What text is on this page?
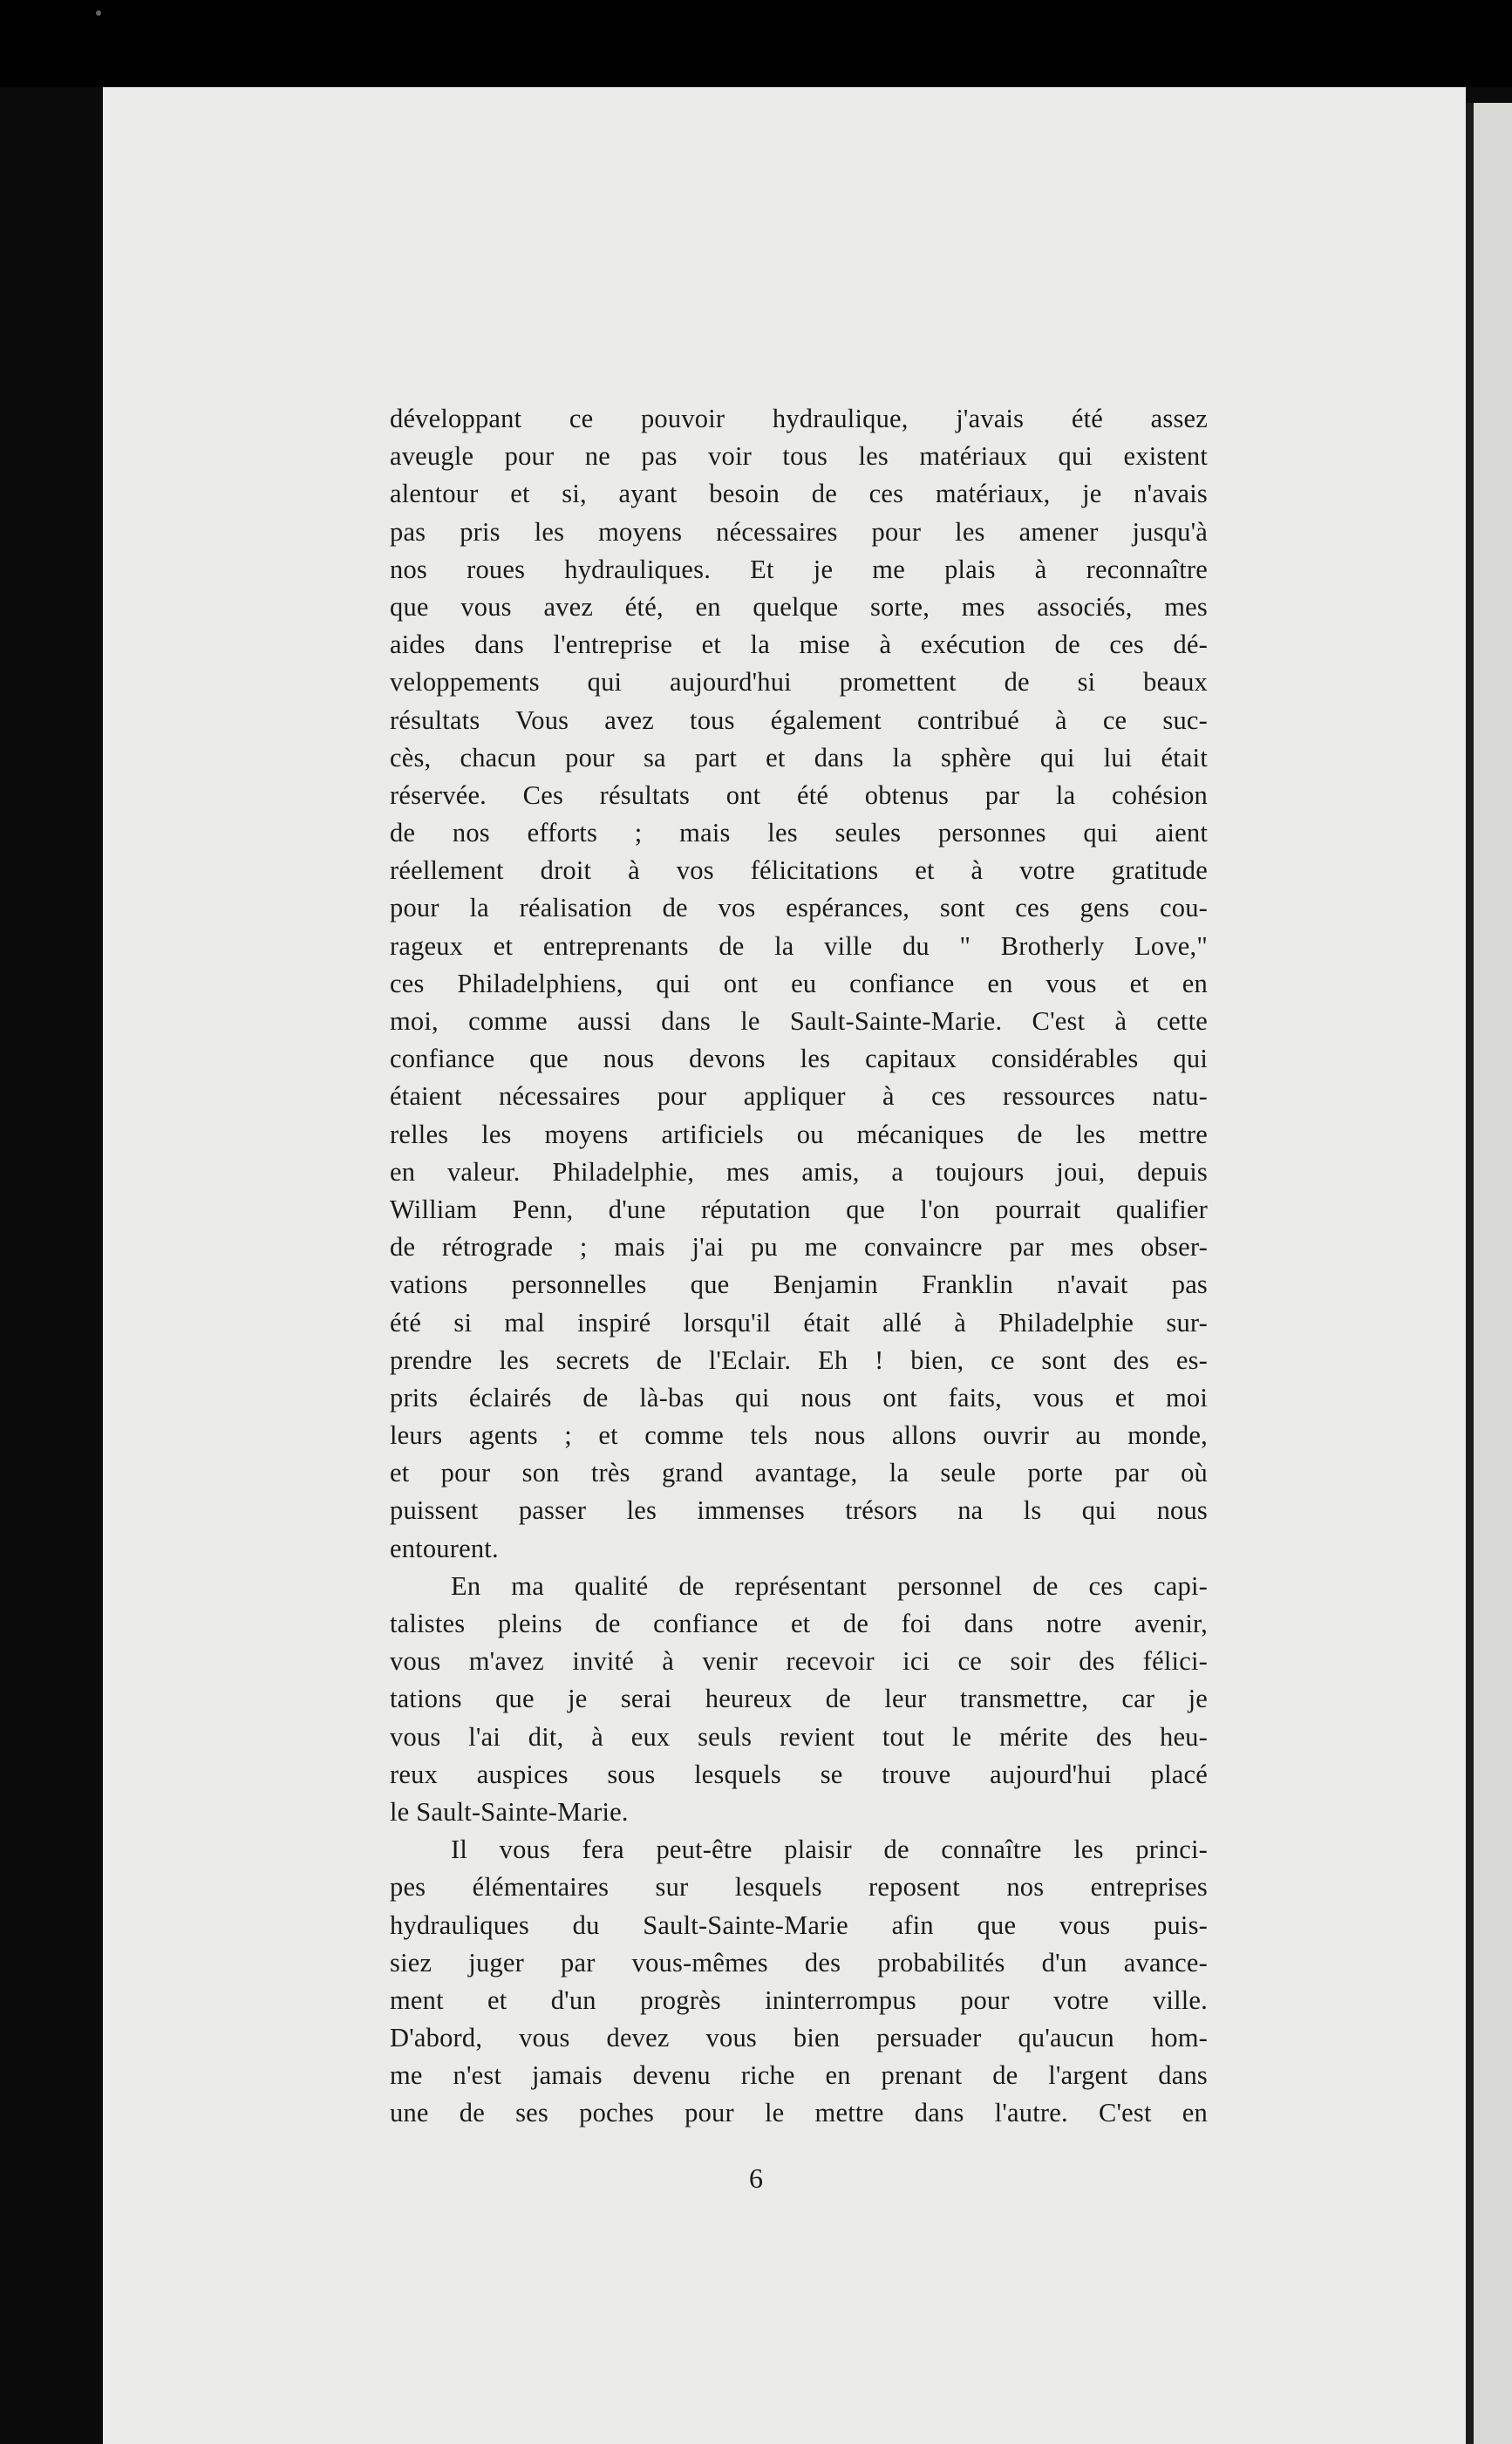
développant ce pouvoir hydraulique, j'avais été assez
aveugle pour ne pas voir tous les matériaux qui existent
alentour et si, ayant besoin de ces matériaux, je n'avais
pas pris les moyens nécessaires pour les amener jusqu'à
nos roues hydrauliques. Et je me plais à reconnaître
que vous avez été, en quelque sorte, mes associés, mes
aides dans l'entreprise et la mise à exécution de ces dé-
veloppements qui aujourd'hui promettent de si beaux
résultats Vous avez tous également contribué à ce suc-
cès, chacun pour sa part et dans la sphère qui lui était
réservée. Ces résultats ont été obtenus par la cohésion
de nos efforts ; mais les seules personnes qui aient
réellement droit à vos félicitations et à votre gratitude
pour la réalisation de vos espérances, sont ces gens cou-
rageux et entreprenants de la ville du " Brotherly Love,"
ces Philadelphiens, qui ont eu confiance en vous et en
moi, comme aussi dans le Sault-Sainte-Marie. C'est à cette
confiance que nous devons les capitaux considérables qui
étaient nécessaires pour appliquer à ces ressources natu-
relles les moyens artificiels ou mécaniques de les mettre
en valeur. Philadelphie, mes amis, a toujours joui, depuis
William Penn, d'une réputation que l'on pourrait qualifier
de rétrograde ; mais j'ai pu me convaincre par mes obser-
vations personnelles que Benjamin Franklin n'avait pas
été si mal inspiré lorsqu'il était allé à Philadelphie sur-
prendre les secrets de l'Eclair. Eh ! bien, ce sont des es-
prits éclairés de là-bas qui nous ont faits, vous et moi
leurs agents ; et comme tels nous allons ouvrir au monde,
et pour son très grand avantage, la seule porte par où
puissent passer les immenses trésors na ls qui nous
entourent.
En ma qualité de représentant personnel de ces capi-
talistes pleins de confiance et de foi dans notre avenir,
vous m'avez invité à venir recevoir ici ce soir des félici-
tations que je serai heureux de leur transmettre, car je
vous l'ai dit, à eux seuls revient tout le mérite des heu-
reux auspices sous lesquels se trouve aujourd'hui placé
le Sault-Sainte-Marie.
Il vous fera peut-être plaisir de connaître les princi-
pes élémentaires sur lesquels reposent nos entreprises
hydrauliques du Sault-Sainte-Marie afin que vous puis-
siez juger par vous-mêmes des probabilités d'un avance-
ment et d'un progrès ininterrompus pour votre ville.
D'abord, vous devez vous bien persuader qu'aucun hom-
me n'est jamais devenu riche en prenant de l'argent dans
une de ses poches pour le mettre dans l'autre. C'est en
6
